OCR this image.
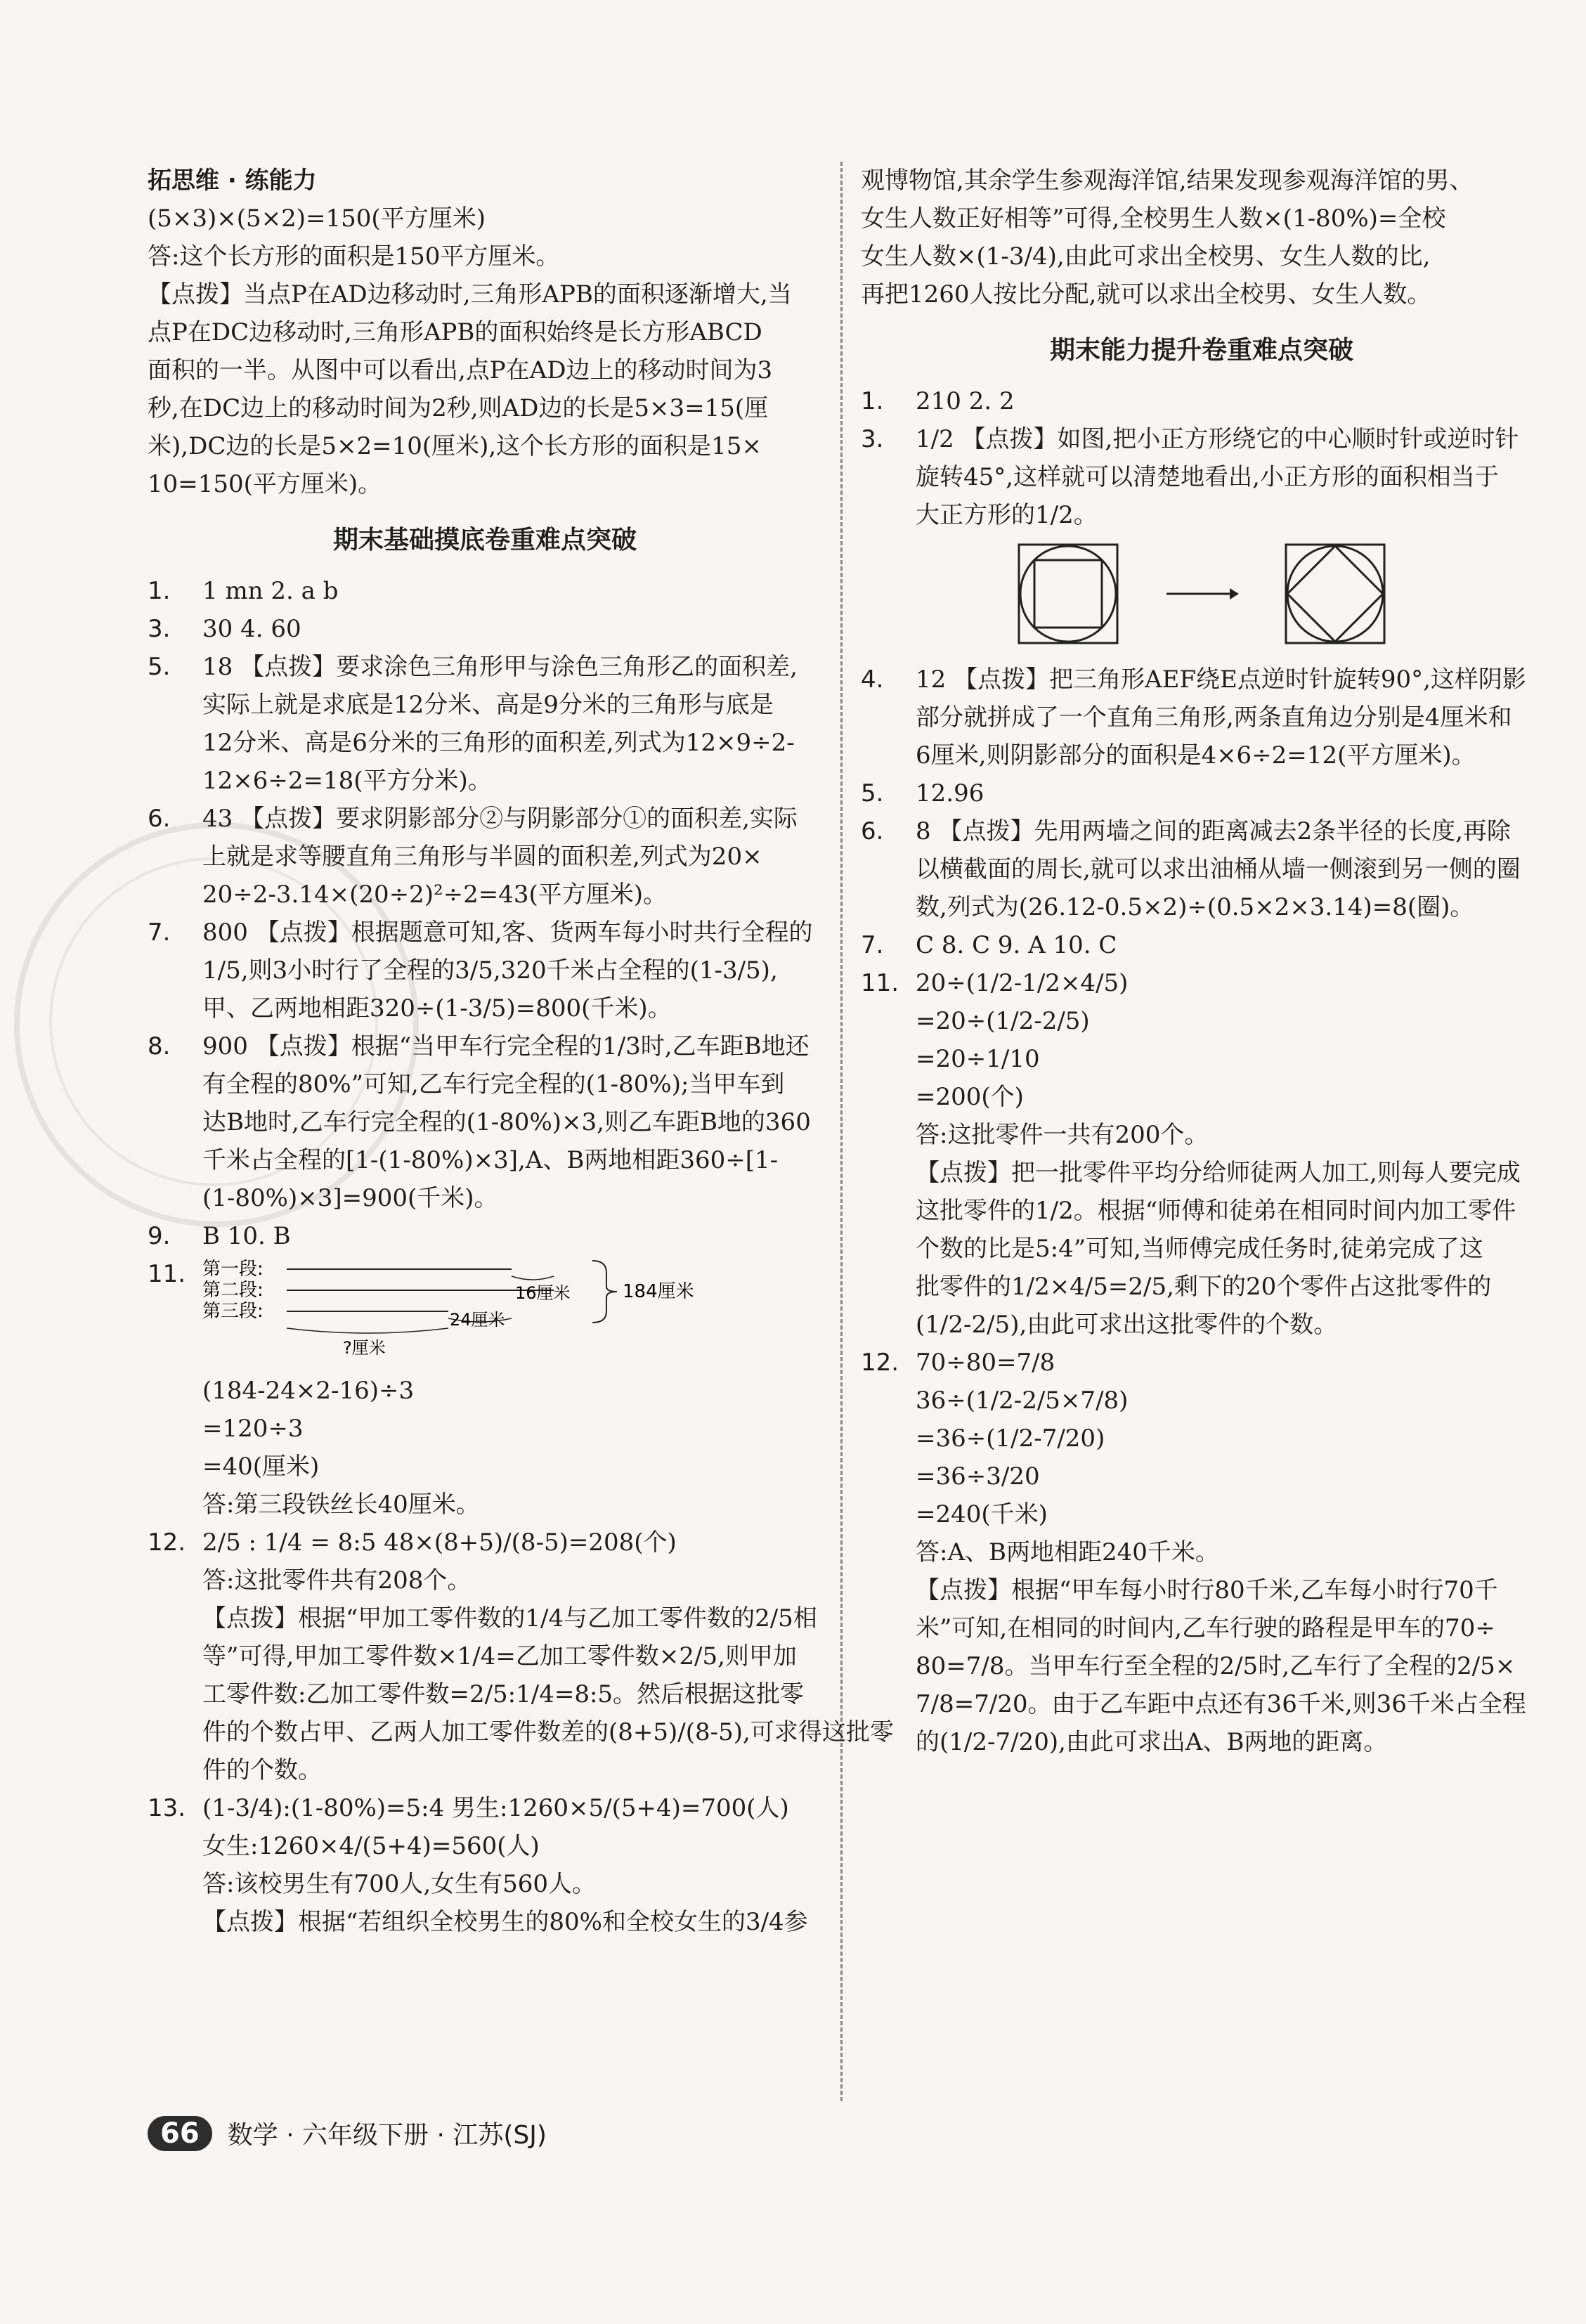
拓思维 · 练能力
(5×3)×(5×2)=150(平方厘米)
答:这个长方形的面积是150平方厘米。
【点拨】当点P在AD边移动时,三角形APB的面积逐渐增大,当
点P在DC边移动时,三角形APB的面积始终是长方形ABCD
面积的一半。从图中可以看出,点P在AD边上的移动时间为3
秒,在DC边上的移动时间为2秒,则AD边的长是5×3=15(厘
米),DC边的长是5×2=10(厘米),这个长方形的面积是15×
10=150(平方厘米)。
期末基础摸底卷重难点突破
1.	1 mn 2. a b
3.	30 4. 60
5.	18 【点拨】要求涂色三角形甲与涂色三角形乙的面积差,
实际上就是求底是12分米、高是9分米的三角形与底是
12分米、高是6分米的三角形的面积差,列式为12×9÷2-
12×6÷2=18(平方分米)。
6.	43 【点拨】要求阴影部分②与阴影部分①的面积差,实际
上就是求等腰直角三角形与半圆的面积差,列式为20×
20÷2-3.14×(20÷2)²÷2=43(平方厘米)。
7.	800 【点拨】根据题意可知,客、货两车每小时共行全程的
1/5,则3小时行了全程的3/5,320千米占全程的(1-3/5),
甲、乙两地相距320÷(1-3/5)=800(千米)。
8.	900 【点拨】根据“当甲车行完全程的1/3时,乙车距B地还
有全程的80%”可知,乙车行完全程的(1-80%);当甲车到
达B地时,乙车行完全程的(1-80%)×3,则乙车距B地的360
千米占全程的[1-(1-80%)×3],A、B两地相距360÷[1-
(1-80%)×3]=900(千米)。
9.	B 10. B
11. 第一段:
第二段:
第三段:
16厘米
24厘米
?厘米
184厘米
(184-24×2-16)÷3
=120÷3
=40(厘米)
答:第三段铁丝长40厘米。
12. 2/5 : 1/4 = 8:5 48×(8+5)/(8-5)=208(个)
答:这批零件共有208个。
【点拨】根据“甲加工零件数的1/4与乙加工零件数的2/5相
等”可得,甲加工零件数×1/4=乙加工零件数×2/5,则甲加
工零件数:乙加工零件数=2/5:1/4=8:5。然后根据这批零
件的个数占甲、乙两人加工零件数差的(8+5)/(8-5),可求得这批零
件的个数。
13. (1-3/4):(1-80%)=5:4 男生:1260×5/(5+4)=700(人)
女生:1260×4/(5+4)=560(人)
答:该校男生有700人,女生有560人。
【点拨】根据“若组织全校男生的80%和全校女生的3/4参
观博物馆,其余学生参观海洋馆,结果发现参观海洋馆的男、
女生人数正好相等”可得,全校男生人数×(1-80%)=全校
女生人数×(1-3/4),由此可求出全校男、女生人数的比,
再把1260人按比分配,就可以求出全校男、女生人数。
期末能力提升卷重难点突破
1.	210 2. 2
3.	1/2 【点拨】如图,把小正方形绕它的中心顺时针或逆时针
旋转45°,这样就可以清楚地看出,小正方形的面积相当于
大正方形的1/2。
4.	12 【点拨】把三角形AEF绕E点逆时针旋转90°,这样阴影
部分就拼成了一个直角三角形,两条直角边分别是4厘米和
6厘米,则阴影部分的面积是4×6÷2=12(平方厘米)。
5.	12.96
6.	8 【点拨】先用两墙之间的距离减去2条半径的长度,再除
以横截面的周长,就可以求出油桶从墙一侧滚到另一侧的圈
数,列式为(26.12-0.5×2)÷(0.5×2×3.14)=8(圈)。
7.	C 8. C 9. A 10. C
11. 20÷(1/2-1/2×4/5)
=20÷(1/2-2/5)
=20÷1/10
=200(个)
答:这批零件一共有200个。
【点拨】把一批零件平均分给师徒两人加工,则每人要完成
这批零件的1/2。根据“师傅和徒弟在相同时间内加工零件
个数的比是5:4”可知,当师傅完成任务时,徒弟完成了这
批零件的1/2×4/5=2/5,剩下的20个零件占这批零件的
(1/2-2/5),由此可求出这批零件的个数。
12. 70÷80=7/8
36÷(1/2-2/5×7/8)
=36÷(1/2-7/20)
=36÷3/20
=240(千米)
答:A、B两地相距240千米。
【点拨】根据“甲车每小时行80千米,乙车每小时行70千
米”可知,在相同的时间内,乙车行驶的路程是甲车的70÷
80=7/8。当甲车行至全程的2/5时,乙车行了全程的2/5×
7/8=7/20。由于乙车距中点还有36千米,则36千米占全程
的(1/2-7/20),由此可求出A、B两地的距离。
66	数学 · 六年级下册 · 江苏(SJ)
